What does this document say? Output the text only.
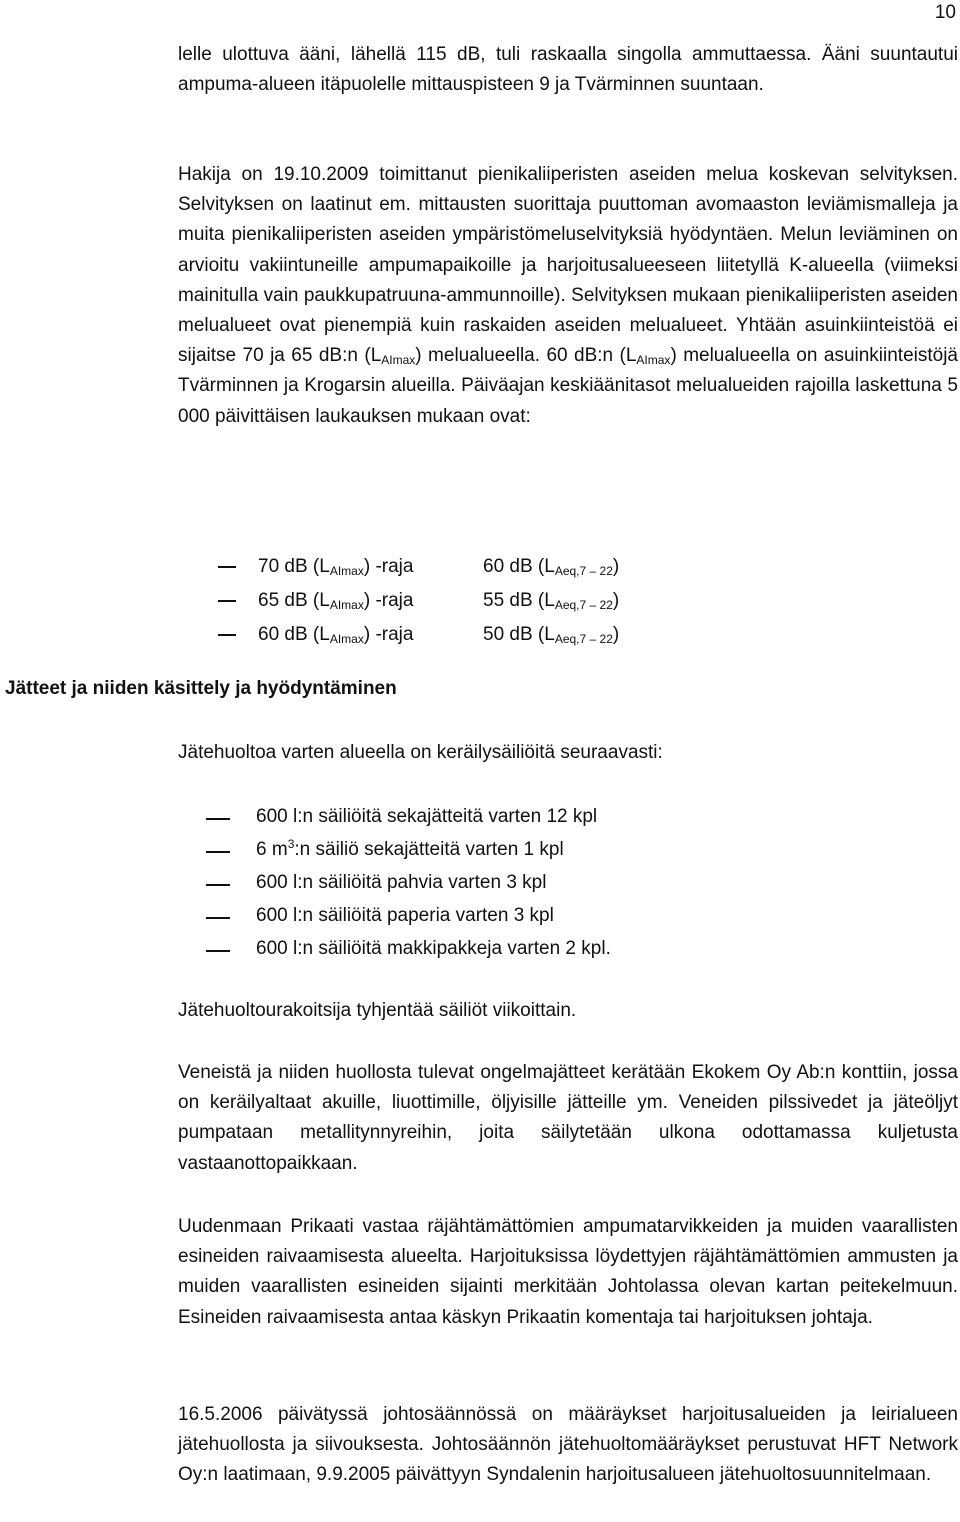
10

lelle ulottuva ääni, lähellä 115 dB, tuli raskaalla singolla ammuttaessa. Ääni suuntautui ampuma-alueen itäpuolelle mittauspisteen 9 ja Tvärminnen suuntaan.

Hakija on 19.10.2009 toimittanut pienikaliiperisten aseiden melua koskevan selvityksen. Selvityksen on laatinut em. mittausten suorittaja puuttoman avomaaston leviämismalleja ja muita pienikaliiperisten aseiden ympäristömeluselvityksiä hyödyntäen. Melun leviäminen on arvioitu vakiintuneille ampumapaikoille ja harjoitusalueeseen liitetyllä K-alueella (viimeksi mainitulla vain paukkupatruuna-ammunnoille). Selvityksen mukaan pienikaliiperisten aseiden melualueet ovat pienempiä kuin raskaiden aseiden melualueet. Yhtään asuinkiinteistöä ei sijaitse 70 ja 65 dB:n $(L_{AImax})$ melualueella. 60 dB:n $(L_{AImax})$ melualueella on asuinkiinteistöjä Tvärminnen ja Krogarsin alueilla. Päiväajan keskiäänitasot melualueiden rajoilla laskettuna 5 000 päivittäisen laukauksen mukaan ovat:

70 dB $(L_{AImax})$ -raja	60 dB $(L_{Aeq,7 - 22})$
65 dB $(L_{AImax})$ -raja	55 dB $(L_{Aeq,7 - 22})$
60 dB $(L_{AImax})$ -raja	50 dB $(L_{Aeq,7 - 22})$
Jätteet ja niiden käsittely ja hyödyntäminen

Jätehuoltoa varten alueella on keräilysäiliöitä seuraavasti:

600 l:n säiliöitä sekajätteitä varten 12 kpl
6 $m^3:n$ säiliö sekajätteitä varten 1 kpl
600 l:n säiliöitä pahvia varten 3 kpl
600 l:n säiliöitä paperia varten 3 kpl
600 l:n säiliöitä makkipakkeja varten 2 kpl.

Jätehuoltourakoitsija tyhjentää säiliöt viikoittain.

Veneistä ja niiden huollosta tulevat ongelmajätteet kerätään Ekokem Oy Ab:n konttiin, jossa on keräilyaltaat akuille, liuottimille, öljyisille jätteille ym. Veneiden pilssivedet ja jäteöljyt pumpataan metallitynnyreihin, joita säilytetään ulkona odottamassa kuljetusta vastaanottopaikkaan.

Uudenmaan Prikaati vastaa räjähtämättömien ampumatarvikkeiden ja muiden vaarallisten esineiden raivaamisesta alueelta. Harjoituksissa löydettyjen räjähtämättömien ammusten ja muiden vaarallisten esineiden sijainti merkitään Johtolassa olevan kartan peitekelmuun. Esineiden raivaamisesta antaa käskyn Prikaatin komentaja tai harjoituksen johtaja.

16.5.2006 päivätyssä johtosäännössä on määräykset harjoitusalueiden ja leirialueen jätehuollosta ja siivouksesta. Johtosäännön jätehuoltomääräykset perustuvat HFT Network Oy:n laatimaan, 9.9.2005 päivättyyn Syndalenin harjoitusalueen jätehuoltosuunnitelmaan.
